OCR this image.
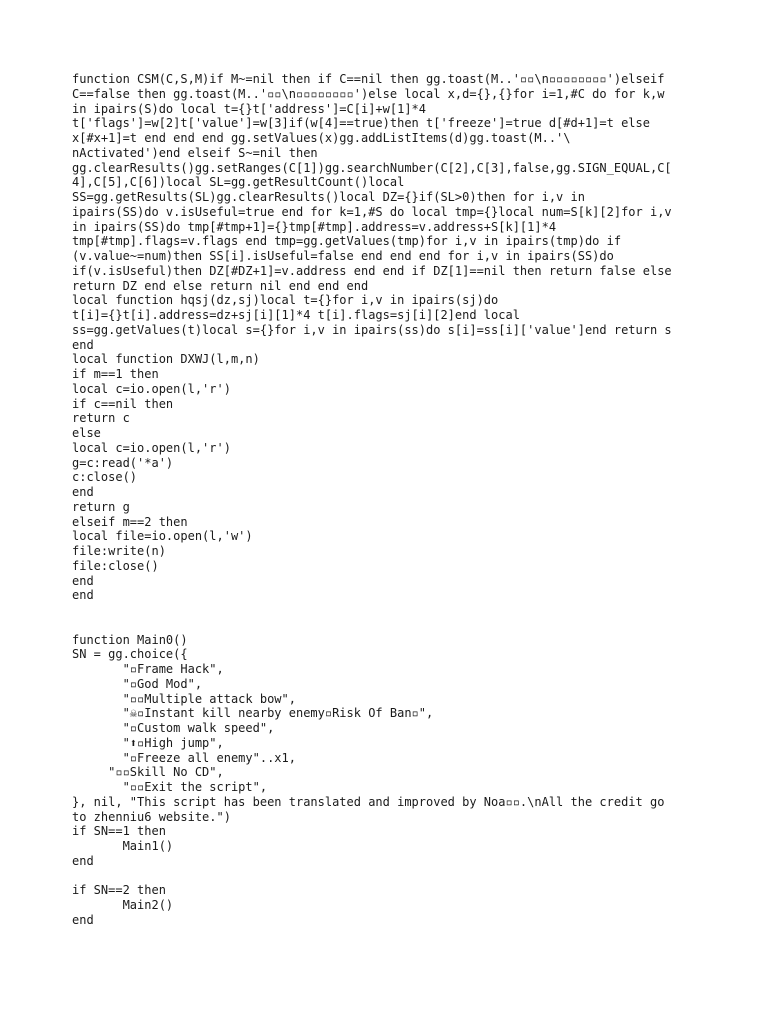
function CSM(C,S,M)if M~=nil then if C==nil then gg.toast(M..'▫▫\n▫▫▫▫▫▫▫▫')elseif
C==false then gg.toast(M..'▫▫\n▫▫▫▫▫▫▫▫')else local x,d={},{}for i=1,#C do for k,w
in ipairs(S)do local t={}t['address']=C[i]+w[1]*4
t['flags']=w[2]t['value']=w[3]if(w[4]==true)then t['freeze']=true d[#d+1]=t else
x[#x+1]=t end end end gg.setValues(x)gg.addListItems(d)gg.toast(M..'\
nActivated')end elseif S~=nil then
gg.clearResults()gg.setRanges(C[1])gg.searchNumber(C[2],C[3],false,gg.SIGN_EQUAL,C[
4],C[5],C[6])local SL=gg.getResultCount()local
SS=gg.getResults(SL)gg.clearResults()local DZ={}if(SL>0)then for i,v in
ipairs(SS)do v.isUseful=true end for k=1,#S do local tmp={}local num=S[k][2]for i,v
in ipairs(SS)do tmp[#tmp+1]={}tmp[#tmp].address=v.address+S[k][1]*4
tmp[#tmp].flags=v.flags end tmp=gg.getValues(tmp)for i,v in ipairs(tmp)do if
(v.value~=num)then SS[i].isUseful=false end end end for i,v in ipairs(SS)do
if(v.isUseful)then DZ[#DZ+1]=v.address end end if DZ[1]==nil then return false else
return DZ end else return nil end end end
local function hqsj(dz,sj)local t={}for i,v in ipairs(sj)do
t[i]={}t[i].address=dz+sj[i][1]*4 t[i].flags=sj[i][2]end local
ss=gg.getValues(t)local s={}for i,v in ipairs(ss)do s[i]=ss[i]['value']end return s
end
local function DXWJ(l,m,n)
if m==1 then
local c=io.open(l,'r')
if c==nil then
return c
else
local c=io.open(l,'r')
g=c:read('*a')
c:close()
end
return g
elseif m==2 then
local file=io.open(l,'w')
file:write(n)
file:close()
end
end
function Main0()
SN = gg.choice({
"▫Frame Hack",
"▫God Mod",
"▫▫Multiple attack bow",
"☠▫Instant kill nearby enemy▫Risk Of Ban▫",
"▫Custom walk speed",
"⬆▫High jump",
"▫Freeze all enemy"..x1,
"▫▫Skill No CD",
"▫▫Exit the script",
}, nil, "This script has been translated and improved by Noa▫▫.\nAll the credit go
to zhenniu6 website.")
if SN==1 then
Main1()
end
if SN==2 then
Main2()
end
